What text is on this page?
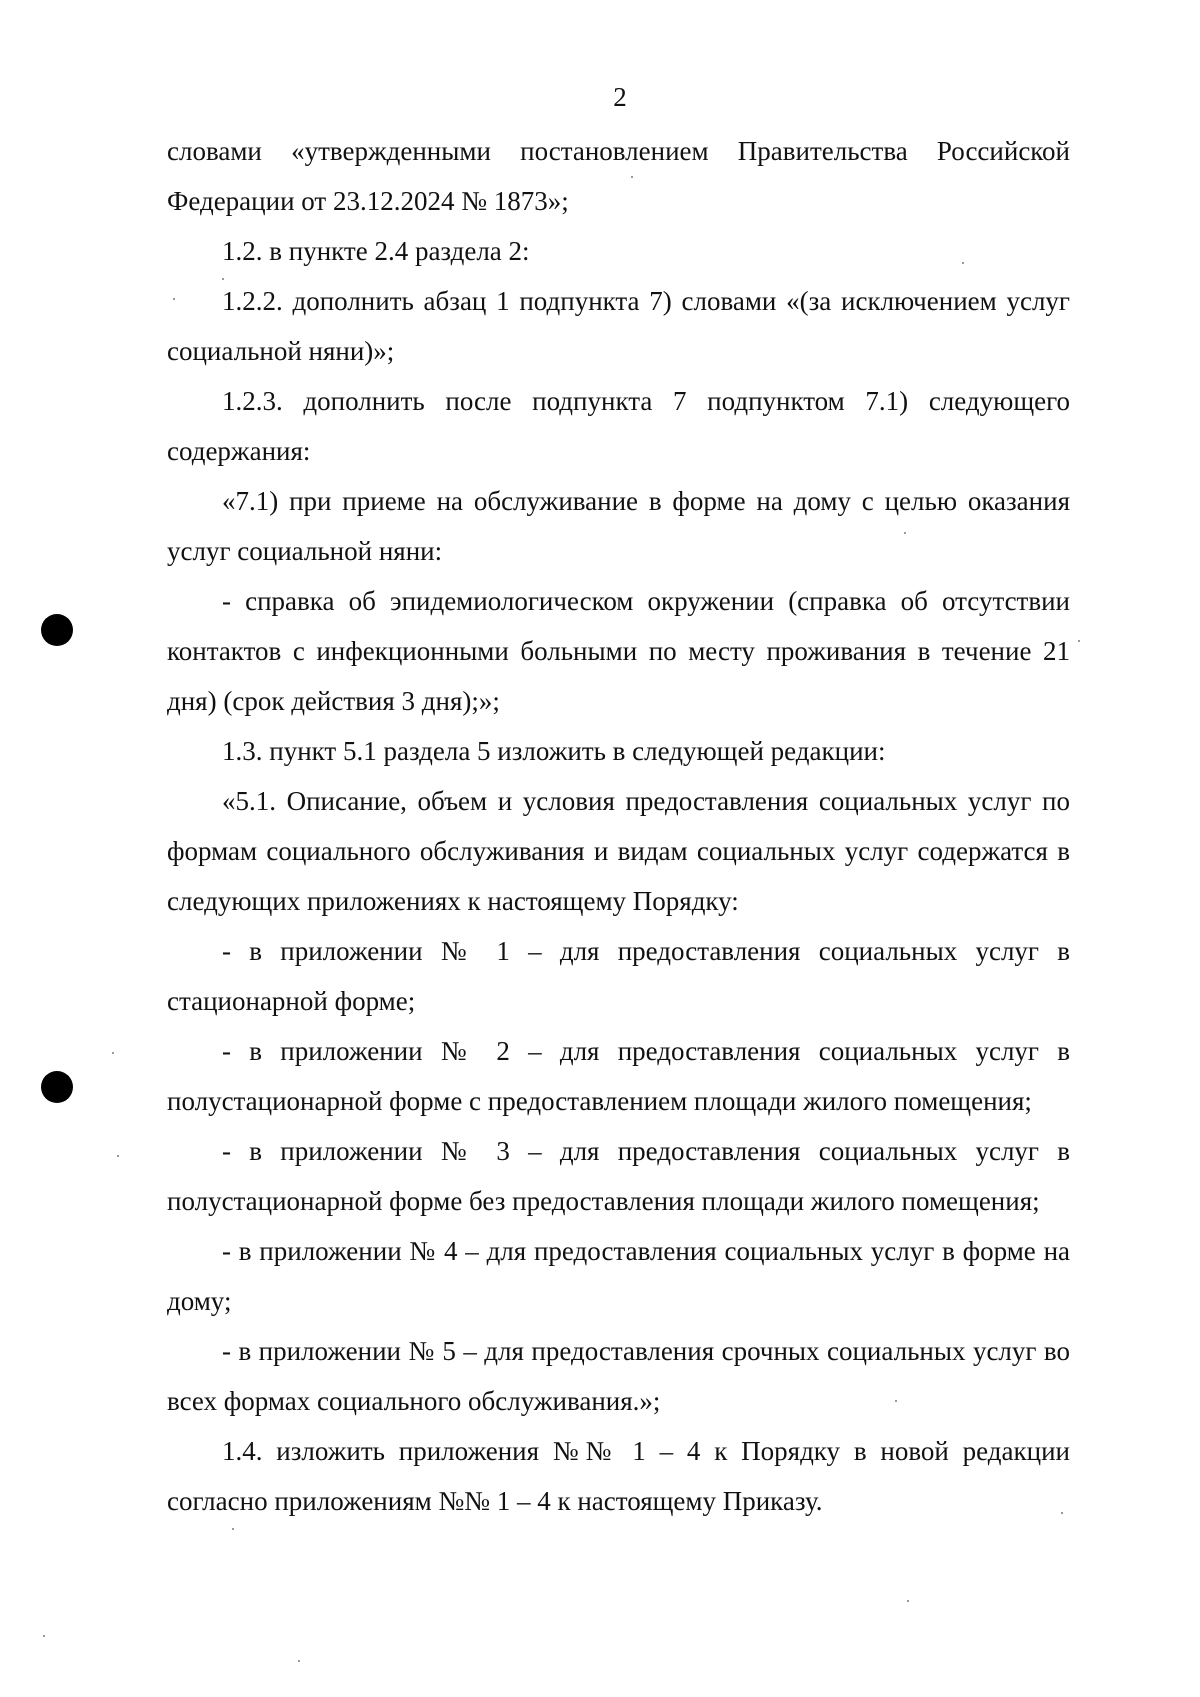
2

словами «утвержденными постановлением Правительства Российской Федерации от 23.12.2024 № 1873»;

1.2. в пункте 2.4 раздела 2:

1.2.2. дополнить абзац 1 подпункта 7) словами «(за исключением услуг социальной няни)»;

1.2.3. дополнить после подпункта 7 подпунктом 7.1) следующего содержания:

«7.1) при приеме на обслуживание в форме на дому с целью оказания услуг социальной няни:

- справка об эпидемиологическом окружении (справка об отсутствии контактов с инфекционными больными по месту проживания в течение 21 дня) (срок действия 3 дня);»;

1.3. пункт 5.1 раздела 5 изложить в следующей редакции:

«5.1. Описание, объем и условия предоставления социальных услуг по формам социального обслуживания и видам социальных услуг содержатся в следующих приложениях к настоящему Порядку:

- в приложении № 1 – для предоставления социальных услуг в стационарной форме;

- в приложении № 2 – для предоставления социальных услуг в полустационарной форме с предоставлением площади жилого помещения;

- в приложении № 3 – для предоставления социальных услуг в полустационарной форме без предоставления площади жилого помещения;

- в приложении № 4 – для предоставления социальных услуг в форме на дому;

- в приложении № 5 – для предоставления срочных социальных услуг во всех формах социального обслуживания.»;

1.4. изложить приложения №№ 1 – 4 к Порядку в новой редакции согласно приложениям №№ 1 – 4 к настоящему Приказу.
